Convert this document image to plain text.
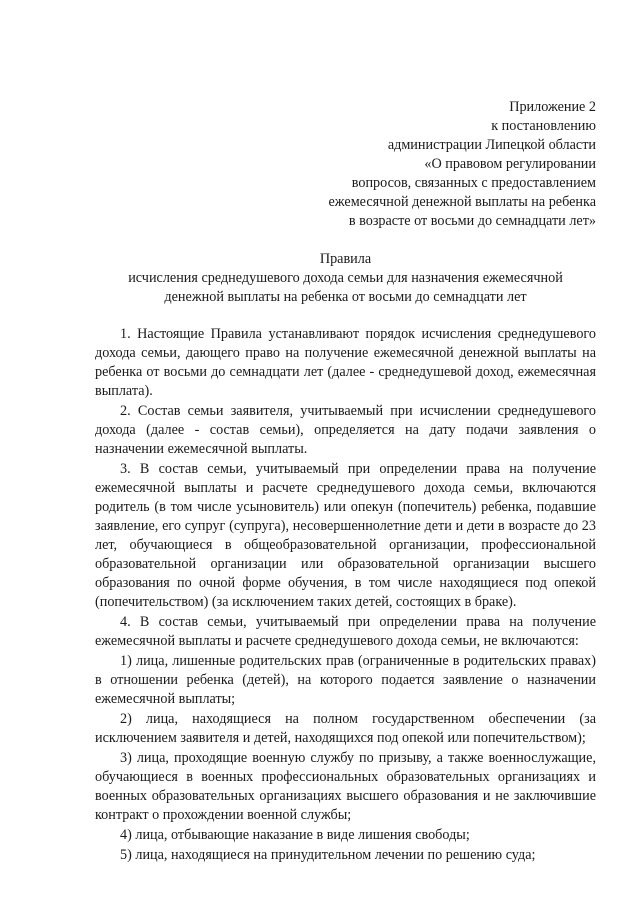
Приложение 2
к постановлению
администрации Липецкой области
«О правовом регулировании
вопросов, связанных с предоставлением
ежемесячной денежной выплаты на ребенка
в возрасте от восьми до семнадцати лет»
Правила
исчисления среднедушевого дохода семьи для назначения ежемесячной
денежной выплаты на ребенка от восьми до семнадцати лет

1. Настоящие Правила устанавливают порядок исчисления среднедушевого дохода семьи, дающего право на получение ежемесячной денежной выплаты на ребенка от восьми до семнадцати лет (далее - среднедушевой доход, ежемесячная выплата).

2. Состав семьи заявителя, учитываемый при исчислении среднедушевого дохода (далее - состав семьи), определяется на дату подачи заявления о назначении ежемесячной выплаты.

3. В состав семьи, учитываемый при определении права на получение ежемесячной выплаты и расчете среднедушевого дохода семьи, включаются родитель (в том числе усыновитель) или опекун (попечитель) ребенка, подавшие заявление, его супруг (супруга), несовершеннолетние дети и дети в возрасте до 23 лет, обучающиеся в общеобразовательной организации, профессиональной образовательной организации или образовательной организации высшего образования по очной форме обучения, в том числе находящиеся под опекой (попечительством) (за исключением таких детей, состоящих в браке).

4. В состав семьи, учитываемый при определении права на получение ежемесячной выплаты и расчете среднедушевого дохода семьи, не включаются:

1) лица, лишенные родительских прав (ограниченные в родительских правах) в отношении ребенка (детей), на которого подается заявление о назначении ежемесячной выплаты;

2) лица, находящиеся на полном государственном обеспечении (за исключением заявителя и детей, находящихся под опекой или попечительством);

3) лица, проходящие военную службу по призыву, а также военнослужащие, обучающиеся в военных профессиональных образовательных организациях и военных образовательных организациях высшего образования и не заключившие контракт о прохождении военной службы;

4) лица, отбывающие наказание в виде лишения свободы;

5) лица, находящиеся на принудительном лечении по решению суда;
